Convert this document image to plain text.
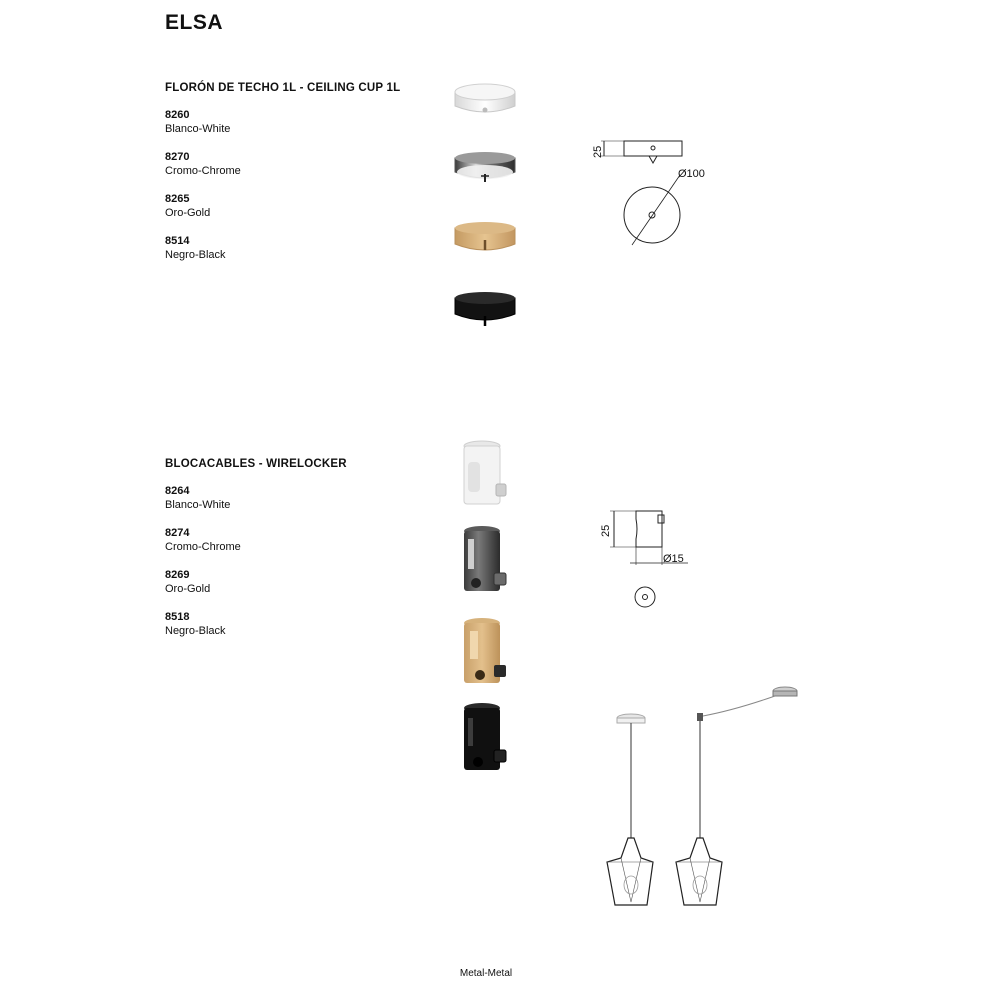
ELSA
FLORÓN DE TECHO 1L - CEILING CUP 1L
8260
Blanco-White
8270
Cromo-Chrome
8265
Oro-Gold
8514
Negro-Black
25
Ø100
BLOCACABLES - WIRELOCKER
8264
Blanco-White
8274
Cromo-Chrome
8269
Oro-Gold
8518
Negro-Black
25
Ø15
Metal-Metal
